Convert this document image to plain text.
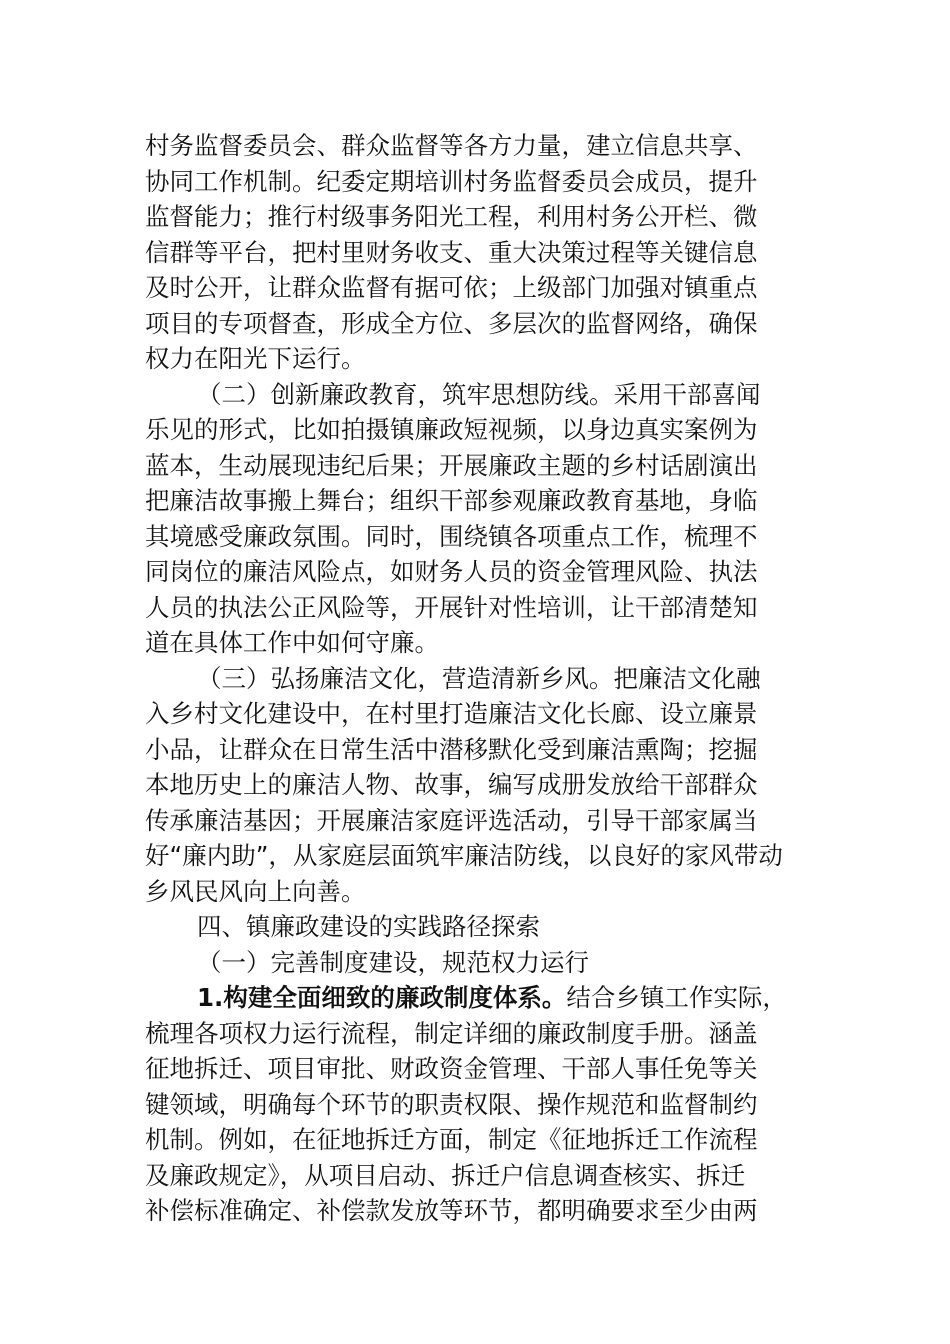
村务监督委员会、群众监督等各方力量，建立信息共享、
协同工作机制。纪委定期培训村务监督委员会成员，提升
监督能力；推行村级事务阳光工程，利用村务公开栏、微
信群等平台，把村里财务收支、重大决策过程等关键信息
及时公开，让群众监督有据可依；上级部门加强对镇重点
项目的专项督查，形成全方位、多层次的监督网络，确保
权力在阳光下运行。
（二）创新廉政教育，筑牢思想防线。采用干部喜闻
乐见的形式，比如拍摄镇廉政短视频，以身边真实案例为
蓝本，生动展现违纪后果；开展廉政主题的乡村话剧演出
把廉洁故事搬上舞台；组织干部参观廉政教育基地，身临
其境感受廉政氛围。同时，围绕镇各项重点工作，梳理不
同岗位的廉洁风险点，如财务人员的资金管理风险、执法
人员的执法公正风险等，开展针对性培训，让干部清楚知
道在具体工作中如何守廉。
（三）弘扬廉洁文化，营造清新乡风。把廉洁文化融
入乡村文化建设中，在村里打造廉洁文化长廊、设立廉景
小品，让群众在日常生活中潜移默化受到廉洁熏陶；挖掘
本地历史上的廉洁人物、故事，编写成册发放给干部群众
传承廉洁基因；开展廉洁家庭评选活动，引导干部家属当
好“廉内助”，从家庭层面筑牢廉洁防线，以良好的家风带动
乡风民风向上向善。
四、镇廉政建设的实践路径探索
（一）完善制度建设，规范权力运行
1.构建全面细致的廉政制度体系。结合乡镇工作实际，
梳理各项权力运行流程，制定详细的廉政制度手册。涵盖
征地拆迁、项目审批、财政资金管理、干部人事任免等关
键领域，明确每个环节的职责权限、操作规范和监督制约
机制。例如，在征地拆迁方面，制定《征地拆迁工作流程
及廉政规定》，从项目启动、拆迁户信息调查核实、拆迁
补偿标准确定、补偿款发放等环节，都明确要求至少由两
